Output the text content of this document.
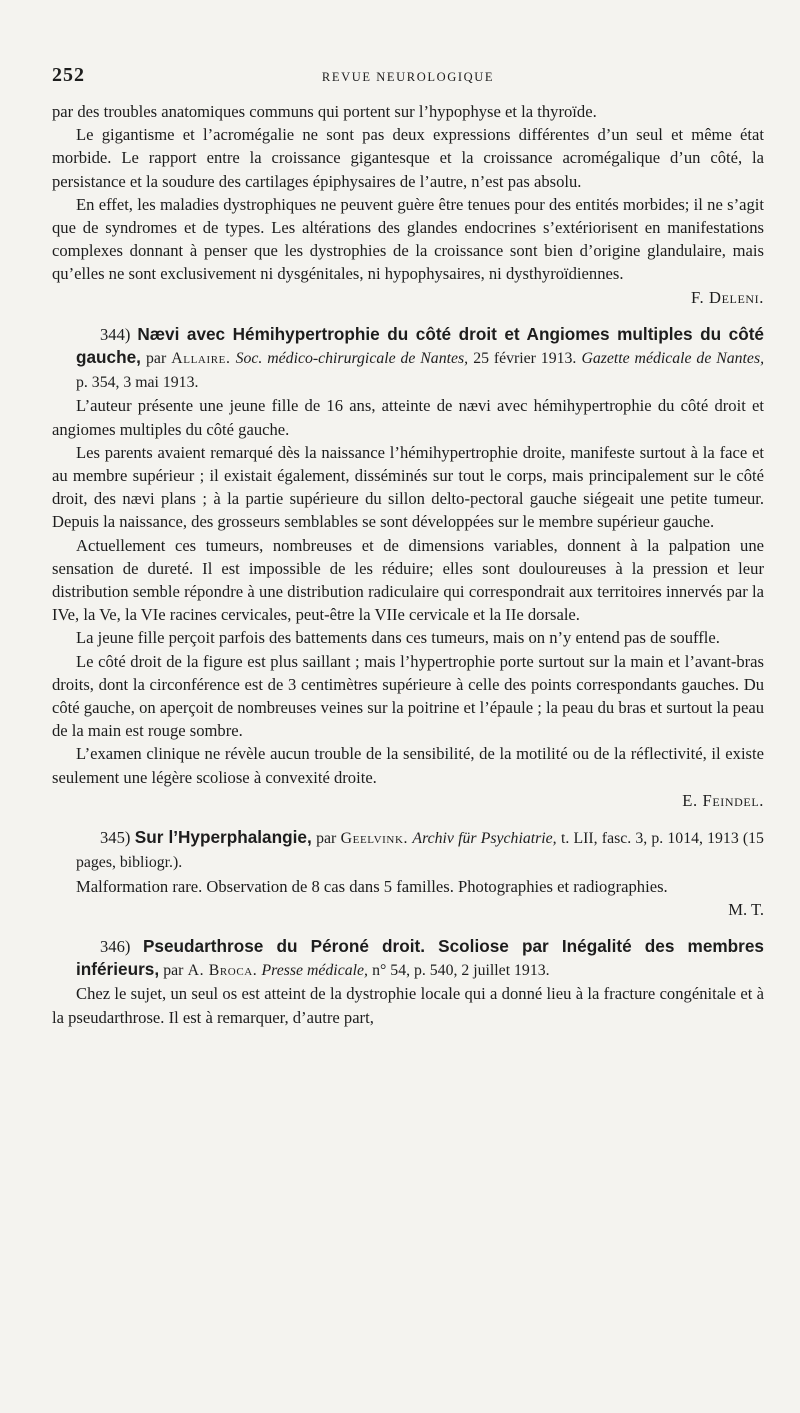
252	REVUE NEUROLOGIQUE

par des troubles anatomiques communs qui portent sur l’hypophyse et la thyroïde.

Le gigantisme et l’acromégalie ne sont pas deux expressions différentes d’un seul et même état morbide. Le rapport entre la croissance gigantesque et la croissance acromégalique d’un côté, la persistance et la soudure des cartilages épiphysaires de l’autre, n’est pas absolu.

En effet, les maladies dystrophiques ne peuvent guère être tenues pour des entités morbides; il ne s’agit que de syndromes et de types. Les altérations des glandes endocrines s’extériorisent en manifestations complexes donnant à penser que les dystrophies de la croissance sont bien d’origine glandulaire, mais qu’elles ne sont exclusivement ni dysgénitales, ni hypophysaires, ni dysthyroïdiennes.

F. Deleni.

344) Nævi avec Hémihypertrophie du côté droit et Angiomes multiples du côté gauche, par Allaire. Soc. médico-chirurgicale de Nantes, 25 février 1913. Gazette médicale de Nantes, p. 354, 3 mai 1913.

L’auteur présente une jeune fille de 16 ans, atteinte de nævi avec hémihypertrophie du côté droit et angiomes multiples du côté gauche.

Les parents avaient remarqué dès la naissance l’hémihypertrophie droite, manifeste surtout à la face et au membre supérieur ; il existait également, disséminés sur tout le corps, mais principalement sur le côté droit, des nævi plans ; à la partie supérieure du sillon delto-pectoral gauche siégeait une petite tumeur. Depuis la naissance, des grosseurs semblables se sont développées sur le membre supérieur gauche.

Actuellement ces tumeurs, nombreuses et de dimensions variables, donnent à la palpation une sensation de dureté. Il est impossible de les réduire; elles sont douloureuses à la pression et leur distribution semble répondre à une distribution radiculaire qui correspondrait aux territoires innervés par la IVe, la Ve, la VIe racines cervicales, peut-être la VIIe cervicale et la IIe dorsale.

La jeune fille perçoit parfois des battements dans ces tumeurs, mais on n’y entend pas de souffle.

Le côté droit de la figure est plus saillant ; mais l’hypertrophie porte surtout sur la main et l’avant-bras droits, dont la circonférence est de 3 centimètres supérieure à celle des points correspondants gauches. Du côté gauche, on aperçoit de nombreuses veines sur la poitrine et l’épaule ; la peau du bras et surtout la peau de la main est rouge sombre.

L’examen clinique ne révèle aucun trouble de la sensibilité, de la motilité ou de la réflectivité, il existe seulement une légère scoliose à convexité droite.

E. Feindel.

345) Sur l’Hyperphalangie, par Geelvink. Archiv für Psychiatrie, t. LII, fasc. 3, p. 1014, 1913 (15 pages, bibliogr.).

Malformation rare. Observation de 8 cas dans 5 familles. Photographies et radiographies.

M. T.

346) Pseudarthrose du Péroné droit. Scoliose par Inégalité des membres inférieurs, par A. Broca. Presse médicale, n° 54, p. 540, 2 juillet 1913.

Chez le sujet, un seul os est atteint de la dystrophie locale qui a donné lieu à la fracture congénitale et à la pseudarthrose. Il est à remarquer, d’autre part,
